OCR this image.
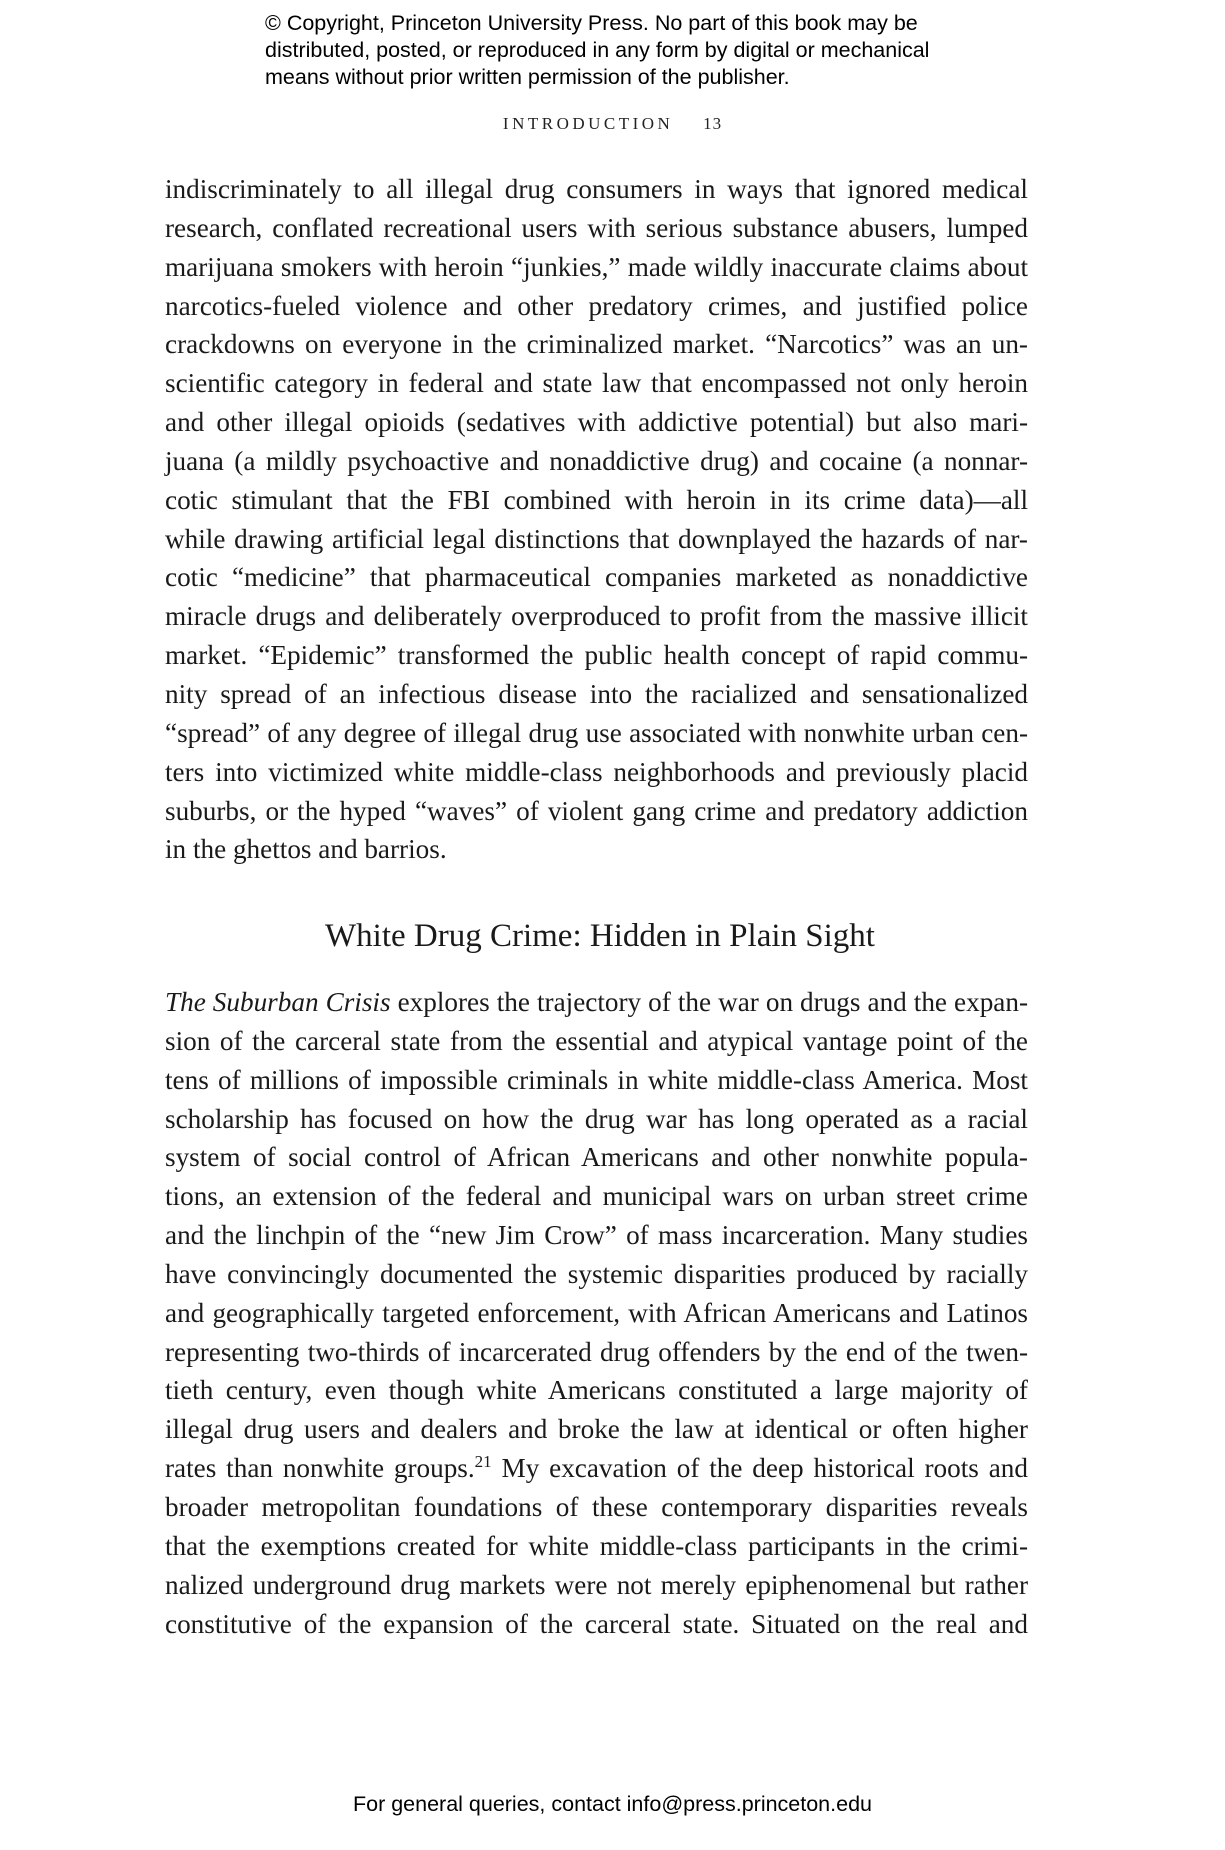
© Copyright, Princeton University Press. No part of this book may be
distributed, posted, or reproduced in any form by digital or mechanical
means without prior written permission of the publisher.
INTRODUCTION 13
indiscriminately to all illegal drug consumers in ways that ignored medical
research, conflated recreational users with serious substance abusers, lumped
marijuana smokers with heroin “junkies,” made wildly inaccurate claims about
narcotics-fueled violence and other predatory crimes, and justified police
crackdowns on everyone in the criminalized market. “Narcotics” was an un-
scientific category in federal and state law that encompassed not only heroin
and other illegal opioids (sedatives with addictive potential) but also mari-
juana (a mildly psychoactive and nonaddictive drug) and cocaine (a nonnar-
cotic stimulant that the FBI combined with heroin in its crime data)—all
while drawing artificial legal distinctions that downplayed the hazards of nar-
cotic “medicine” that pharmaceutical companies marketed as nonaddictive
miracle drugs and deliberately overproduced to profit from the massive illicit
market. “Epidemic” transformed the public health concept of rapid commu-
nity spread of an infectious disease into the racialized and sensationalized
“spread” of any degree of illegal drug use associated with nonwhite urban cen-
ters into victimized white middle-class neighborhoods and previously placid
suburbs, or the hyped “waves” of violent gang crime and predatory addiction
in the ghettos and barrios.
White Drug Crime: Hidden in Plain Sight
The Suburban Crisis explores the trajectory of the war on drugs and the expan-
sion of the carceral state from the essential and atypical vantage point of the
tens of millions of impossible criminals in white middle-class America. Most
scholarship has focused on how the drug war has long operated as a racial
system of social control of African Americans and other nonwhite popula-
tions, an extension of the federal and municipal wars on urban street crime
and the linchpin of the “new Jim Crow” of mass incarceration. Many studies
have convincingly documented the systemic disparities produced by racially
and geographically targeted enforcement, with African Americans and Latinos
representing two-thirds of incarcerated drug offenders by the end of the twen-
tieth century, even though white Americans constituted a large majority of
illegal drug users and dealers and broke the law at identical or often higher
rates than nonwhite groups.$^{21}$ My excavation of the deep historical roots and
broader metropolitan foundations of these contemporary disparities reveals
that the exemptions created for white middle-class participants in the crimi-
nalized underground drug markets were not merely epiphenomenal but rather
constitutive of the expansion of the carceral state. Situated on the real and
For general queries, contact info@press.princeton.edu
